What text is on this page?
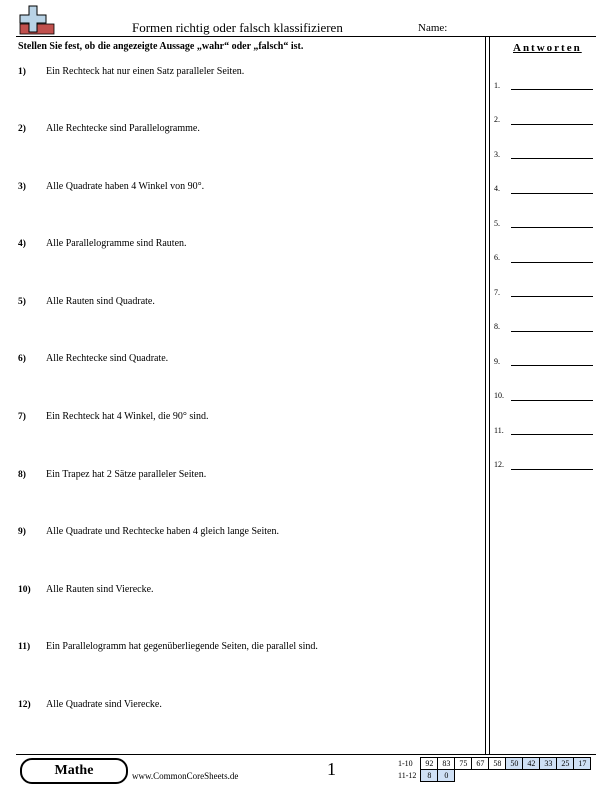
Formen richtig oder falsch klassifizieren	Name:
Stellen Sie fest, ob die angezeigte Aussage „wahr“ oder „falsch“ ist.
1) Ein Rechteck hat nur einen Satz paralleler Seiten.
2) Alle Rechtecke sind Parallelogramme.
3) Alle Quadrate haben 4 Winkel von 90°.
4) Alle Parallelogramme sind Rauten.
5) Alle Rauten sind Quadrate.
6) Alle Rechtecke sind Quadrate.
7) Ein Rechteck hat 4 Winkel, die 90° sind.
8) Ein Trapez hat 2 Sätze paralleler Seiten.
9) Alle Quadrate und Rechtecke haben 4 gleich lange Seiten.
10) Alle Rauten sind Vierecke.
11) Ein Parallelogramm hat gegenüberliegende Seiten, die parallel sind.
12) Alle Quadrate sind Vierecke.
Antworten
1.
2.
3.
4.
5.
6.
7.
8.
9.
10.
11.
12.
Mathe	www.CommonCoreSheets.de	1	1-10	92	83	75	67	58	50	42	33	25	17
11-12	8	0								
